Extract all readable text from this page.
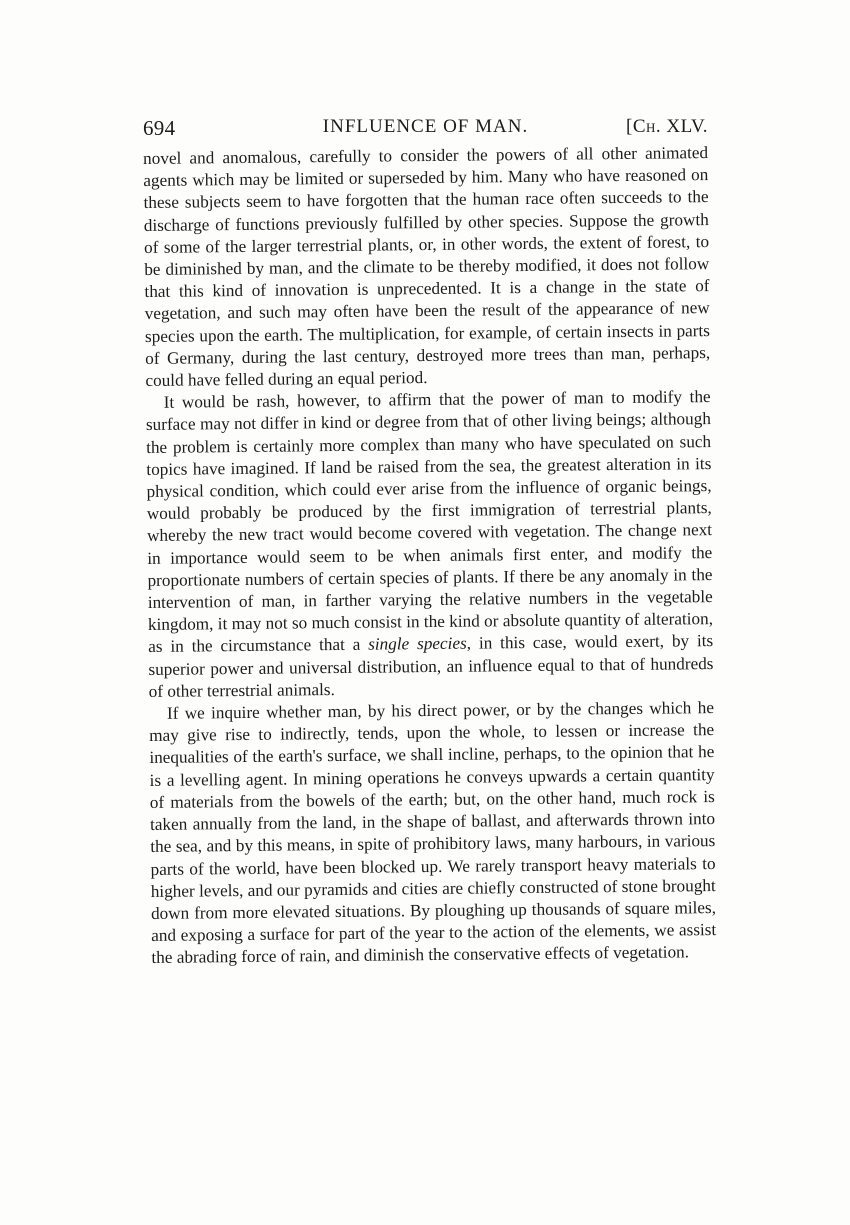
694	INFLUENCE OF MAN.	[Ch. XLV.

novel and anomalous, carefully to consider the powers of all other animated agents which may be limited or superseded by him. Many who have reasoned on these subjects seem to have forgotten that the human race often succeeds to the discharge of functions previously fulfilled by other species. Suppose the growth of some of the larger terrestrial plants, or, in other words, the extent of forest, to be diminished by man, and the climate to be thereby modified, it does not follow that this kind of innovation is unprecedented. It is a change in the state of vegetation, and such may often have been the result of the appearance of new species upon the earth. The multiplication, for example, of certain insects in parts of Germany, during the last century, destroyed more trees than man, perhaps, could have felled during an equal period.

It would be rash, however, to affirm that the power of man to modify the surface may not differ in kind or degree from that of other living beings; although the problem is certainly more complex than many who have speculated on such topics have imagined. If land be raised from the sea, the greatest alteration in its physical condition, which could ever arise from the influence of organic beings, would probably be produced by the first immigration of terrestrial plants, whereby the new tract would become covered with vegetation. The change next in importance would seem to be when animals first enter, and modify the proportionate numbers of certain species of plants. If there be any anomaly in the intervention of man, in farther varying the relative numbers in the vegetable kingdom, it may not so much consist in the kind or absolute quantity of alteration, as in the circumstance that a single species, in this case, would exert, by its superior power and universal distribution, an influence equal to that of hundreds of other terrestrial animals.

If we inquire whether man, by his direct power, or by the changes which he may give rise to indirectly, tends, upon the whole, to lessen or increase the inequalities of the earth's surface, we shall incline, perhaps, to the opinion that he is a levelling agent. In mining operations he conveys upwards a certain quantity of materials from the bowels of the earth; but, on the other hand, much rock is taken annually from the land, in the shape of ballast, and afterwards thrown into the sea, and by this means, in spite of prohibitory laws, many harbours, in various parts of the world, have been blocked up. We rarely transport heavy materials to higher levels, and our pyramids and cities are chiefly constructed of stone brought down from more elevated situations. By ploughing up thousands of square miles, and exposing a surface for part of the year to the action of the elements, we assist the abrading force of rain, and diminish the conservative effects of vegetation.
